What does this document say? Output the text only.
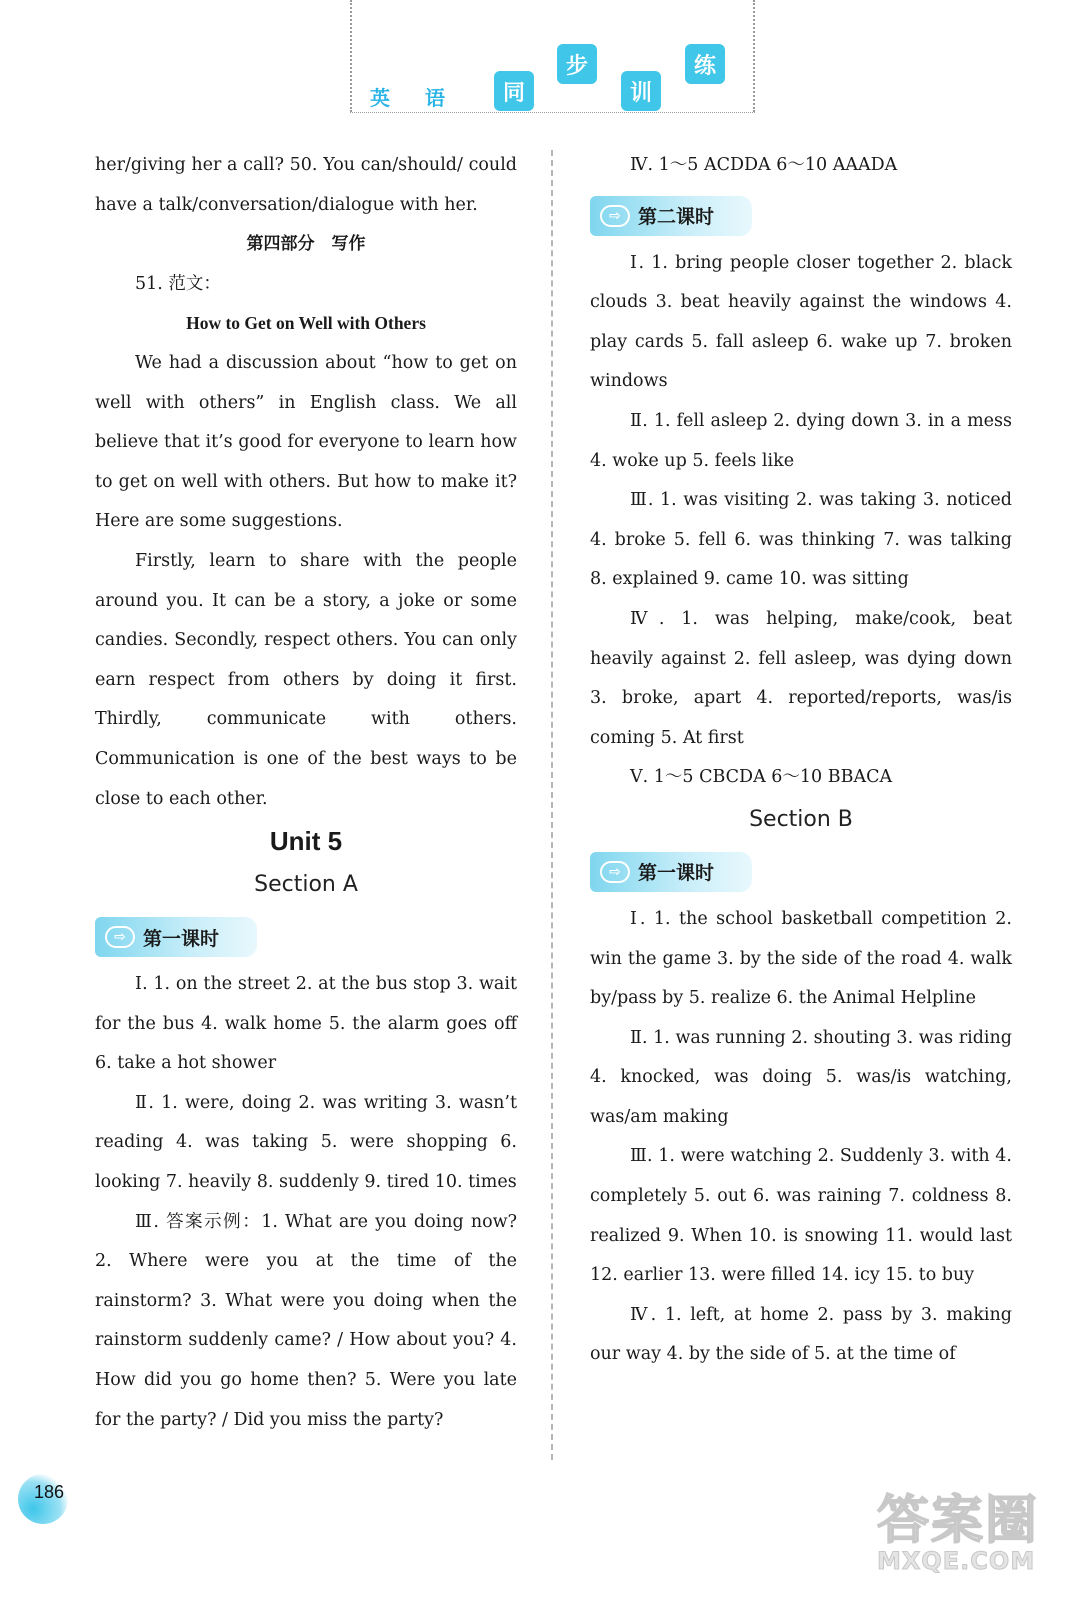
英 语	同
步
训
练

her/giving her a call? 50. You can/should/ could have a talk/conversation/dialogue with her.

第四部分　写作

51. 范文：

How to Get on Well with Others

We had a discussion about “how to get on well with others” in English class. We all believe that it’s good for everyone to learn how to get on well with others. But how to make it? Here are some suggestions.

Firstly, learn to share with the people around you. It can be a story, a joke or some candies. Secondly, respect others. You can only earn respect from others by doing it first. Thirdly, communicate with others. Communication is one of the best ways to be close to each other.

Unit 5
Section A
⇨ 第一课时

Ⅰ. 1. on the street 2. at the bus stop 3. wait for the bus 4. walk home 5. the alarm goes off 6. take a hot shower

Ⅱ. 1. were, doing 2. was writing 3. wasn’t reading 4. was taking 5. were shopping 6. looking 7. heavily 8. suddenly 9. tired 10. times

Ⅲ. 答案示例：1. What are you doing now? 2. Where were you at the time of the rainstorm? 3. What were you doing when the rainstorm suddenly came? / How about you? 4. How did you go home then? 5. Were you late for the party? / Did you miss the party?

Ⅳ. 1～5 ACDDA 6～10 AAADA

⇨ 第二课时

Ⅰ. 1. bring people closer together 2. black clouds 3. beat heavily against the windows 4. play cards 5. fall asleep 6. wake up 7. broken windows

Ⅱ. 1. fell asleep 2. dying down 3. in a mess 4. woke up 5. feels like

Ⅲ. 1. was visiting 2. was taking 3. noticed 4. broke 5. fell 6. was thinking 7. was talking 8. explained 9. came 10. was sitting

Ⅳ. 1. was helping, make/cook, beat heavily against 2. fell asleep, was dying down 3. broke, apart 4. reported/reports, was/is coming 5. At first

Ⅴ. 1～5 CBCDA 6～10 BBACA

Section B
⇨ 第一课时

Ⅰ. 1. the school basketball competition 2. win the game 3. by the side of the road 4. walk by/pass by 5. realize 6. the Animal Helpline

Ⅱ. 1. was running 2. shouting 3. was riding 4. knocked, was doing 5. was/is watching, was/am making

Ⅲ. 1. were watching 2. Suddenly 3. with 4. completely 5. out 6. was raining 7. coldness 8. realized 9. When 10. is snowing 11. would last 12. earlier 13. were filled 14. icy 15. to buy

Ⅳ. 1. left, at home 2. pass by 3. making our way 4. by the side of 5. at the time of

186	答案圈
MXQE.COM
